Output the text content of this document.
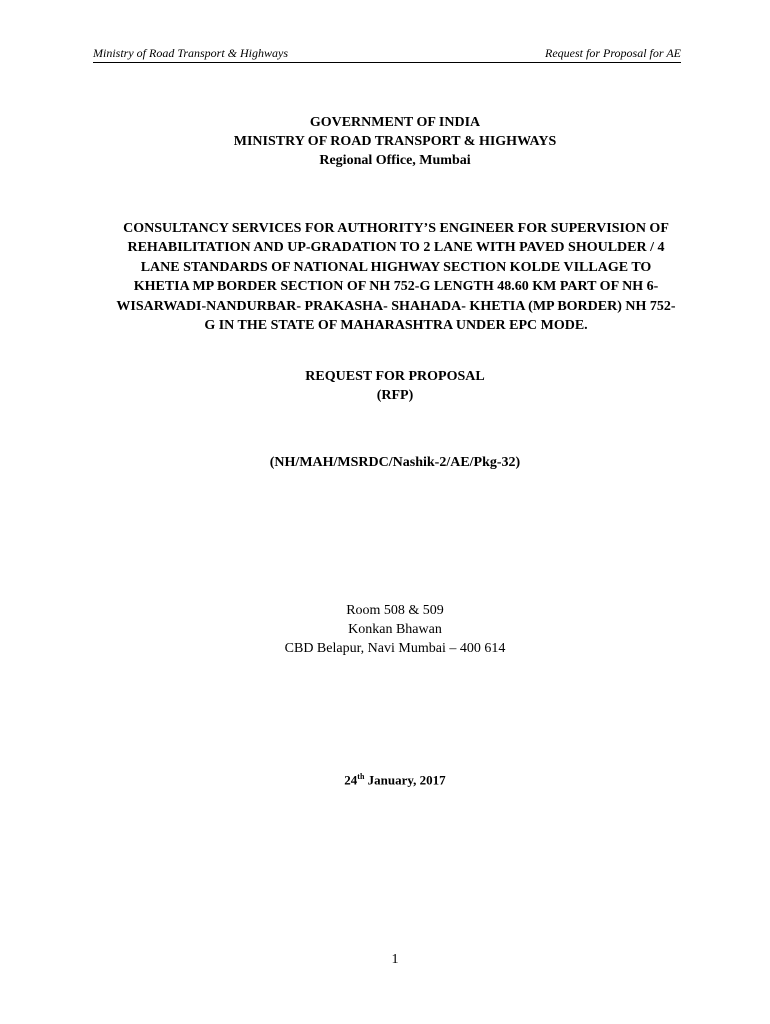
Ministry of Road Transport & Highways	Request for Proposal for AE
GOVERNMENT OF INDIA
MINISTRY OF ROAD TRANSPORT & HIGHWAYS
Regional Office, Mumbai
CONSULTANCY SERVICES FOR AUTHORITY’S ENGINEER FOR SUPERVISION OF
REHABILITATION AND UP-GRADATION TO 2 LANE WITH PAVED SHOULDER / 4
LANE STANDARDS OF NATIONAL HIGHWAY SECTION KOLDE VILLAGE TO
KHETIA MP BORDER SECTION OF NH 752-G LENGTH 48.60 KM PART OF NH 6-
WISARWADI-NANDURBAR- PRAKASHA- SHAHADA- KHETIA (MP BORDER) NH 752-
G IN THE STATE OF MAHARASHTRA UNDER EPC MODE.
REQUEST FOR PROPOSAL
(RFP)
(NH/MAH/MSRDC/Nashik-2/AE/Pkg-32)
Room 508 & 509
Konkan Bhawan
CBD Belapur, Navi Mumbai – 400 614
24th January, 2017
1
